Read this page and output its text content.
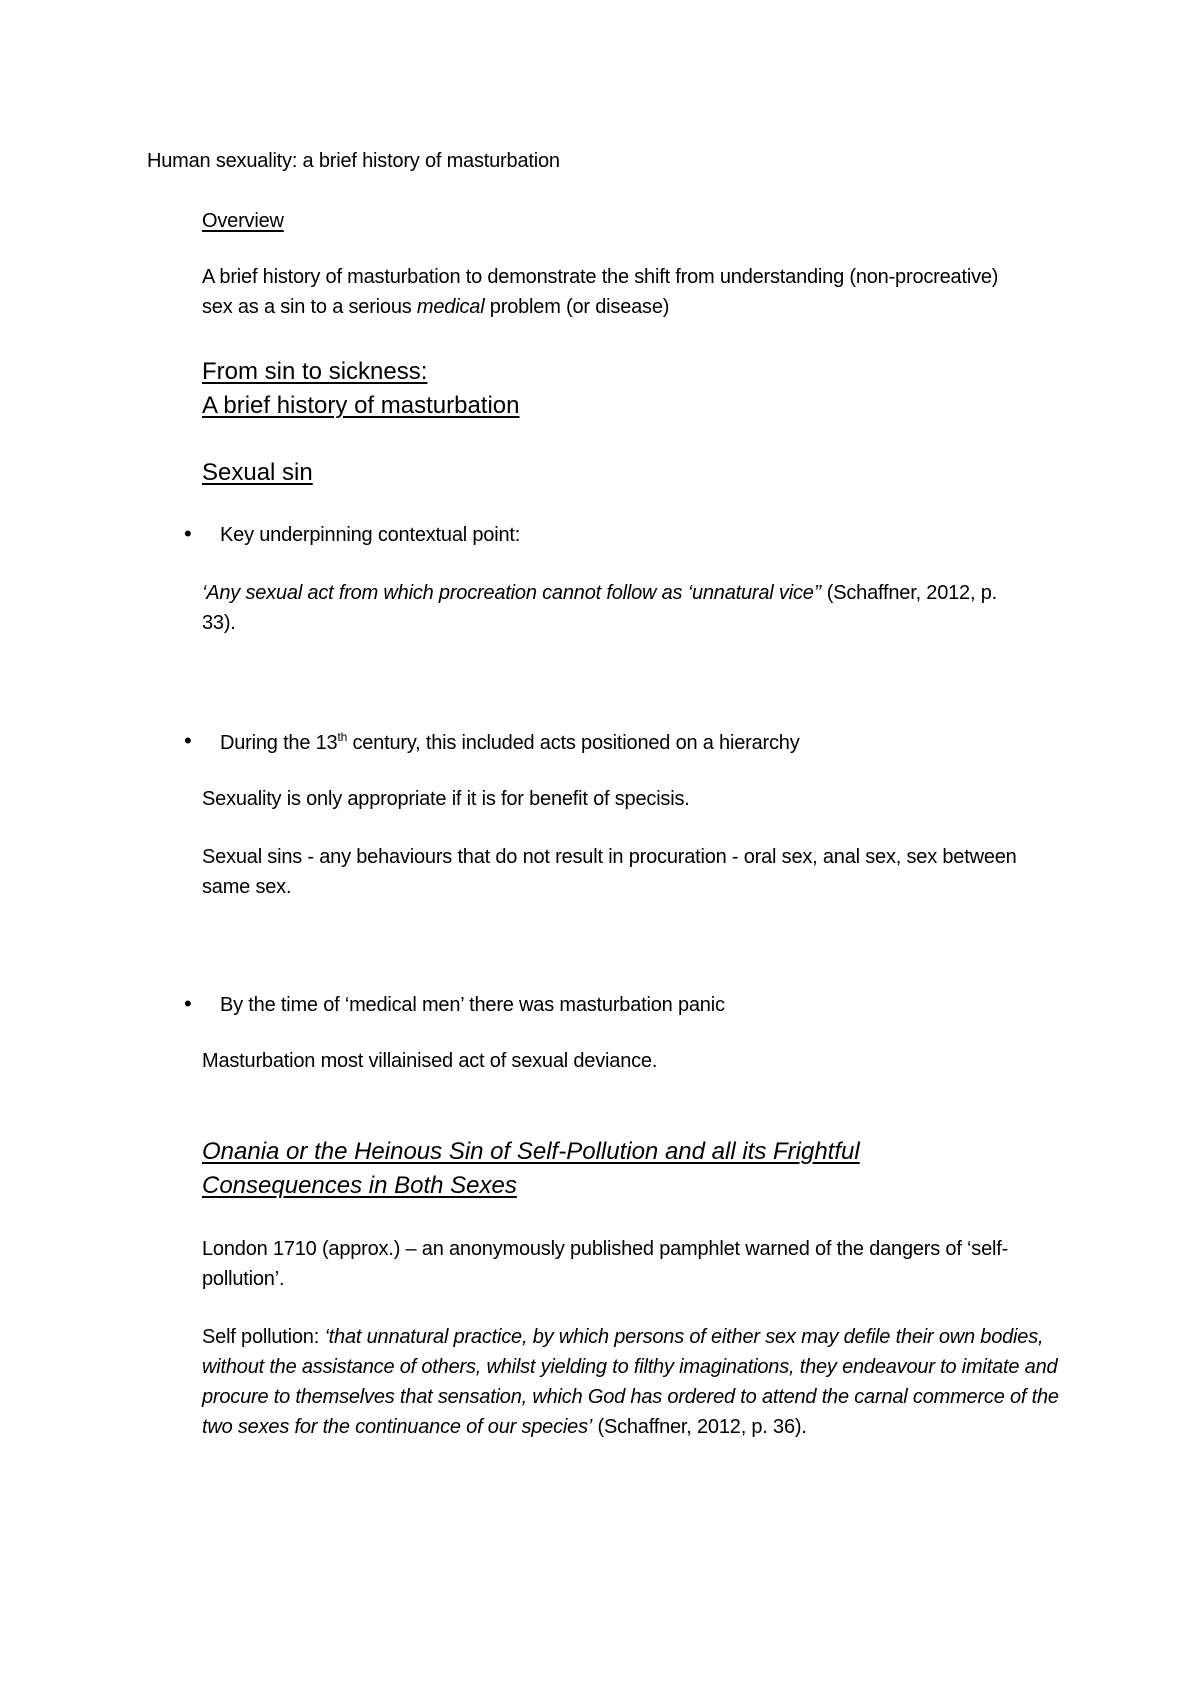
Human sexuality: a brief history of masturbation

Overview

A brief history of masturbation to demonstrate the shift from understanding (non-procreative) sex as a sin to a serious medical problem (or disease)

From sin to sickness:

A brief history of masturbation

Sexual sin

• Key underpinning contextual point:

‘Any sexual act from which procreation cannot follow as ‘unnatural vice’’ (Schaffner, 2012, p. 33).

• During the 13th century, this included acts positioned on a hierarchy

Sexuality is only appropriate if it is for benefit of specisis.

Sexual sins - any behaviours that do not result in procuration - oral sex, anal sex, sex between same sex.

• By the time of ‘medical men’ there was masturbation panic

Masturbation most villainised act of sexual deviance.

Onania or the Heinous Sin of Self-Pollution and all its Frightful Consequences in Both Sexes

London 1710 (approx.) – an anonymously published pamphlet warned of the dangers of ‘self-pollution’.

Self pollution: ‘that unnatural practice, by which persons of either sex may defile their own bodies, without the assistance of others, whilst yielding to filthy imaginations, they endeavour to imitate and procure to themselves that sensation, which God has ordered to attend the carnal commerce of the two sexes for the continuance of our species’ (Schaffner, 2012, p. 36).
